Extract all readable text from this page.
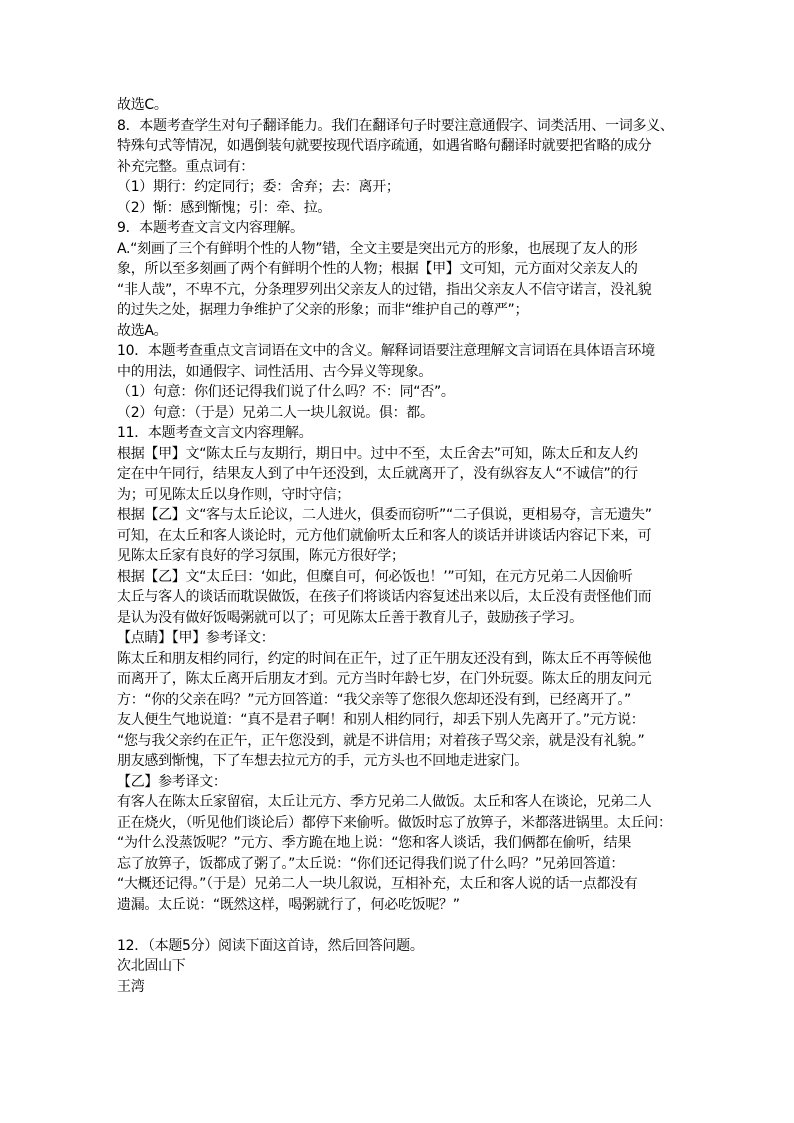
故选C。
8．本题考查学生对句子翻译能力。我们在翻译句子时要注意通假字、词类活用、一词多义、
特殊句式等情况，如遇倒装句就要按现代语序疏通，如遇省略句翻译时就要把省略的成分
补充完整。重点词有：
（1）期行：约定同行；委：舍弃；去：离开；
（2）惭：感到惭愧；引：牵、拉。
9．本题考查文言文内容理解。
A.“刻画了三个有鲜明个性的人物”错，全文主要是突出元方的形象，也展现了友人的形
象，所以至多刻画了两个有鲜明个性的人物；根据【甲】文可知，元方面对父亲友人的
“非人哉”，不卑不亢，分条理罗列出父亲友人的过错，指出父亲友人不信守诺言，没礼貌
的过失之处，据理力争维护了父亲的形象；而非“维护自己的尊严”；
故选A。
10．本题考查重点文言词语在文中的含义。解释词语要注意理解文言词语在具体语言环境
中的用法，如通假字、词性活用、古今异义等现象。
（1）句意：你们还记得我们说了什么吗？不：同“否”。
（2）句意：（于是）兄弟二人一块儿叙说。俱：都。
11．本题考查文言文内容理解。
根据【甲】文“陈太丘与友期行，期日中。过中不至，太丘舍去”可知，陈太丘和友人约
定在中午同行，结果友人到了中午还没到，太丘就离开了，没有纵容友人“不诚信”的行
为；可见陈太丘以身作则，守时守信；
根据【乙】文“客与太丘论议，二人进火，俱委而窃听”“二子俱说，更相易夺，言无遗失”
可知，在太丘和客人谈论时，元方他们就偷听太丘和客人的谈话并讲谈话内容记下来，可
见陈太丘家有良好的学习氛围，陈元方很好学；
根据【乙】文“太丘曰：‘如此，但糜自可，何必饭也！’”可知，在元方兄弟二人因偷听
太丘与客人的谈话而耽误做饭，在孩子们将谈话内容复述出来以后，太丘没有责怪他们而
是认为没有做好饭喝粥就可以了；可见陈太丘善于教育儿子，鼓励孩子学习。
【点睛】【甲】参考译文：
陈太丘和朋友相约同行，约定的时间在正午，过了正午朋友还没有到，陈太丘不再等候他
而离开了，陈太丘离开后朋友才到。元方当时年龄七岁，在门外玩耍。陈太丘的朋友问元
方：“你的父亲在吗？”元方回答道：“我父亲等了您很久您却还没有到，已经离开了。”
友人便生气地说道：“真不是君子啊！和别人相约同行，却丢下别人先离开了。”元方说：
“您与我父亲约在正午，正午您没到，就是不讲信用；对着孩子骂父亲，就是没有礼貌。”
朋友感到惭愧，下了车想去拉元方的手，元方头也不回地走进家门。
【乙】参考译文：
有客人在陈太丘家留宿，太丘让元方、季方兄弟二人做饭。太丘和客人在谈论，兄弟二人
正在烧火，（听见他们谈论后）都停下来偷听。做饭时忘了放箅子，米都落进锅里。太丘问：
“为什么没蒸饭呢？”元方、季方跪在地上说：“您和客人谈话，我们俩都在偷听，结果
忘了放箅子，饭都成了粥了。”太丘说：“你们还记得我们说了什么吗？”兄弟回答道：
“大概还记得。”（于是）兄弟二人一块儿叙说，互相补充，太丘和客人说的话一点都没有
遗漏。太丘说：“既然这样，喝粥就行了，何必吃饭呢？”
12．（本题5分）阅读下面这首诗，然后回答问题。
次北固山下
王湾
